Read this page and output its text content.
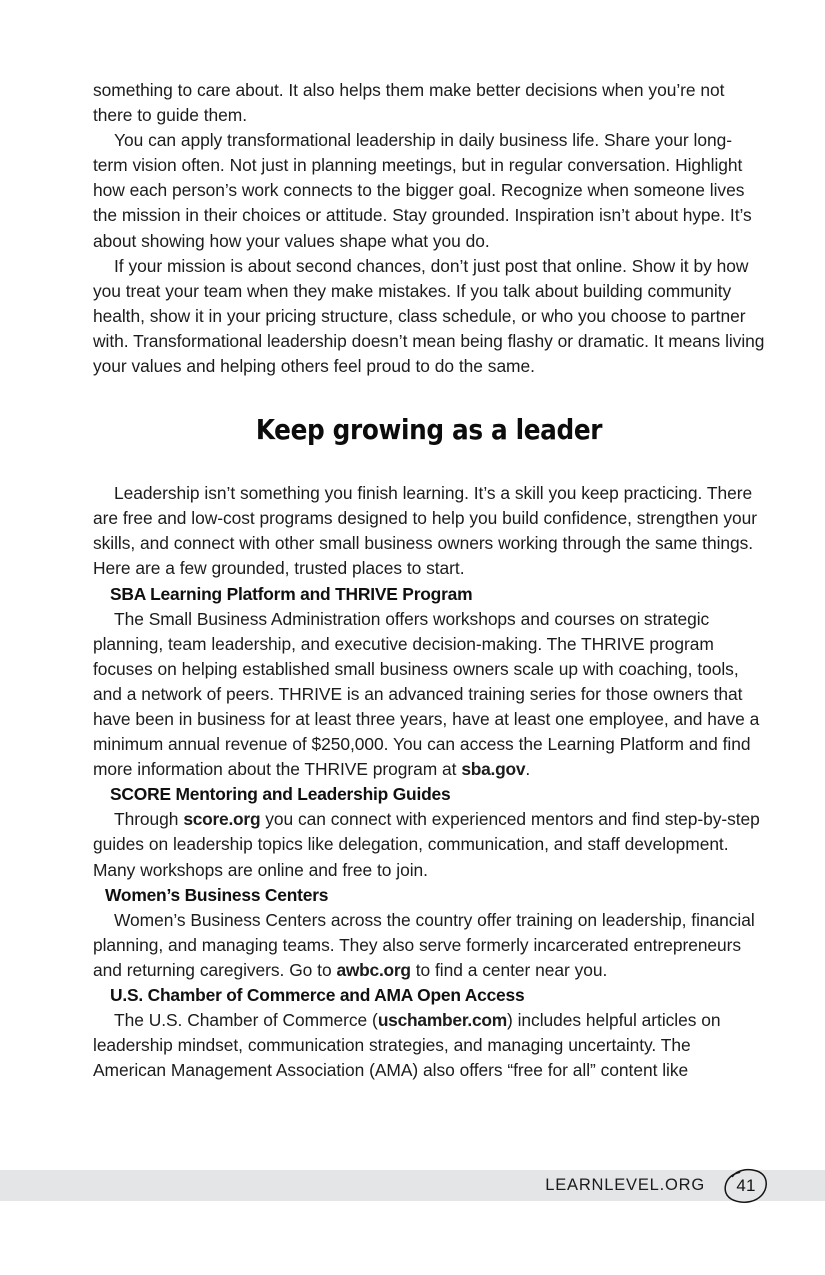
something to care about. It also helps them make better decisions when you’re not there to guide them.

You can apply transformational leadership in daily business life. Share your long-term vision often. Not just in planning meetings, but in regular conversation. Highlight how each person’s work connects to the bigger goal. Recognize when someone lives the mission in their choices or attitude. Stay grounded. Inspiration isn’t about hype. It’s about showing how your values shape what you do.

If your mission is about second chances, don’t just post that online. Show it by how you treat your team when they make mistakes. If you talk about building community health, show it in your pricing structure, class schedule, or who you choose to partner with. Transformational leadership doesn’t mean being flashy or dramatic. It means living your values and helping others feel proud to do the same.

Keep growing as a leader

Leadership isn’t something you finish learning. It’s a skill you keep practicing. There are free and low-cost programs designed to help you build confidence, strengthen your skills, and connect with other small business owners working through the same things. Here are a few grounded, trusted places to start.

SBA Learning Platform and THRIVE Program

The Small Business Administration offers workshops and courses on strategic planning, team leadership, and executive decision-making. The THRIVE program focuses on helping established small business owners scale up with coaching, tools, and a network of peers. THRIVE is an advanced training series for those owners that have been in business for at least three years, have at least one employee, and have a minimum annual revenue of $250,000. You can access the Learning Platform and find more information about the THRIVE program at sba.gov.

SCORE Mentoring and Leadership Guides

Through score.org you can connect with experienced mentors and find step-by-step guides on leadership topics like delegation, communication, and staff development. Many workshops are online and free to join.

Women’s Business Centers

Women’s Business Centers across the country offer training on leadership, financial planning, and managing teams. They also serve formerly incarcerated entrepreneurs and returning caregivers. Go to awbc.org to find a center near you.

U.S. Chamber of Commerce and AMA Open Access

The U.S. Chamber of Commerce (uschamber.com) includes helpful articles on leadership mindset, communication strategies, and managing uncertainty. The American Management Association (AMA) also offers “free for all” content like

LEARNLEVEL.ORG 41
